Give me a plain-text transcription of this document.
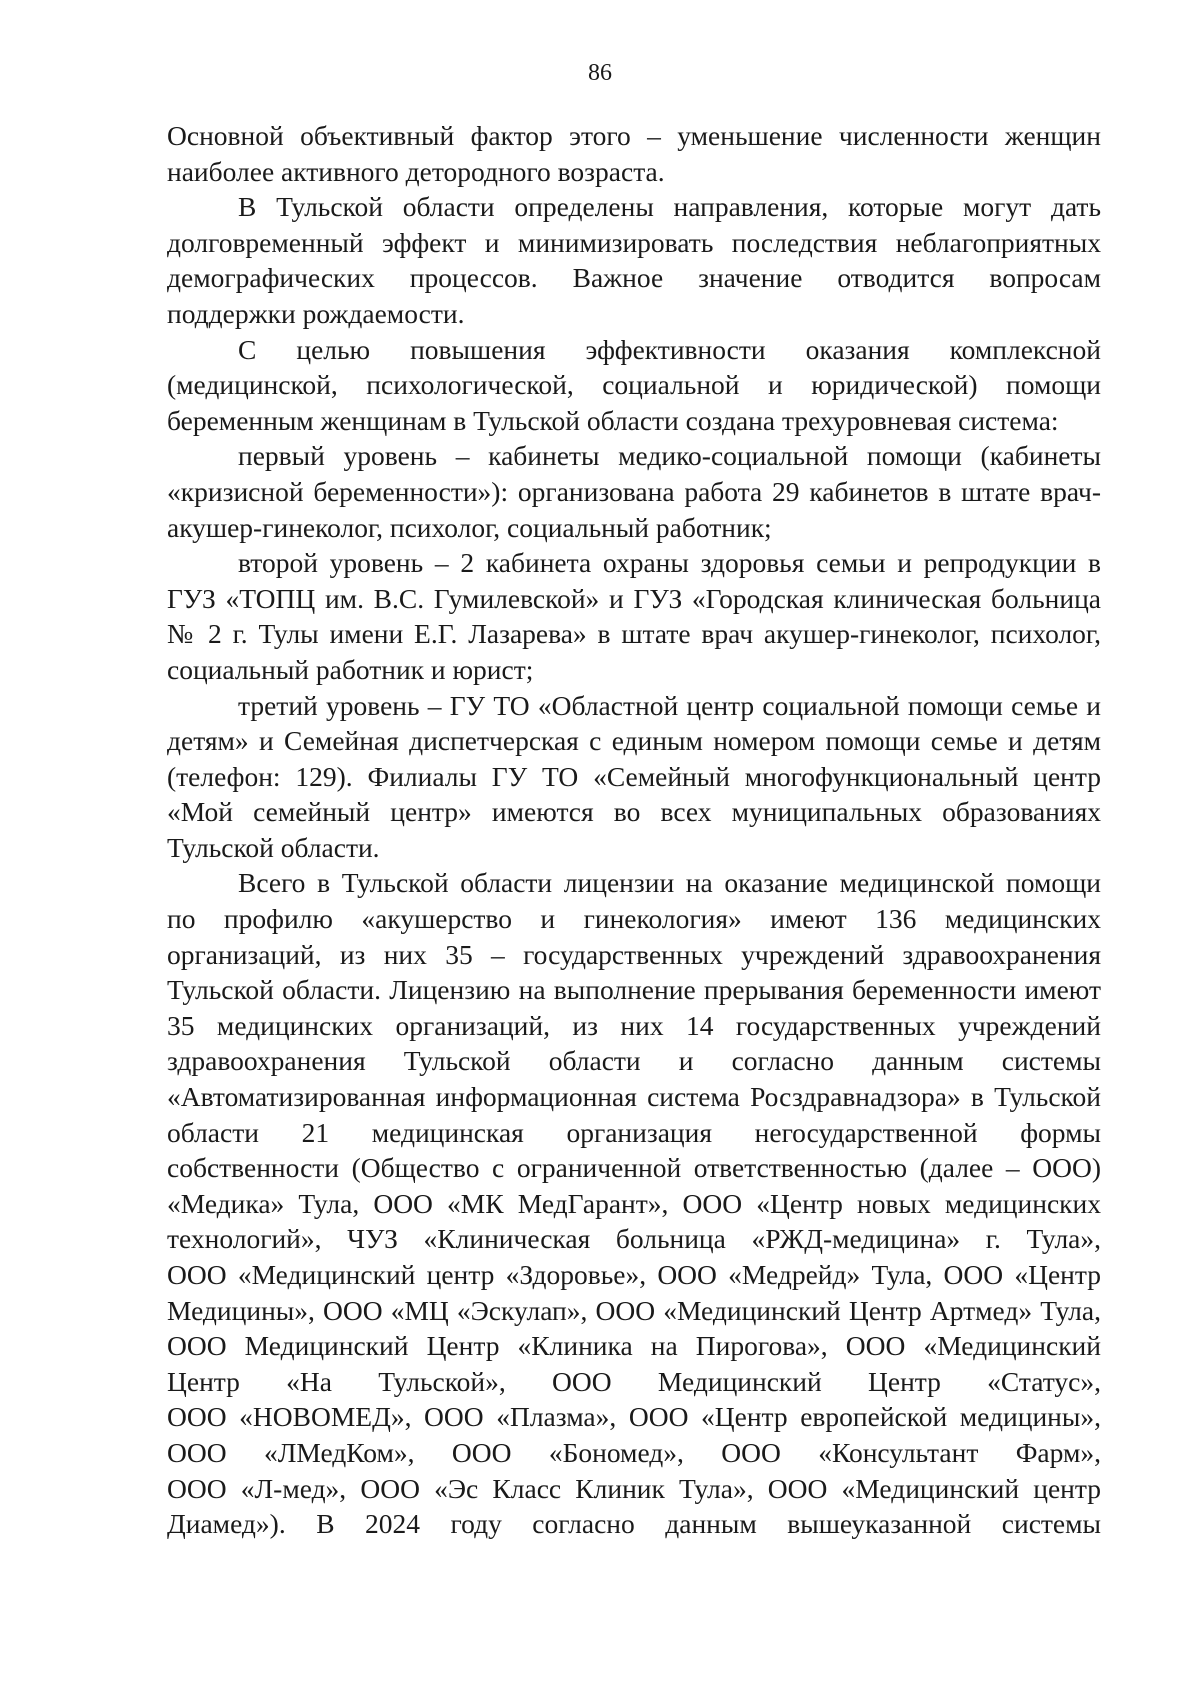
86
Основной объективный фактор этого – уменьшение численности женщин
наиболее активного детородного возраста.
В Тульской области определены направления, которые могут дать
долговременный эффект и минимизировать последствия неблагоприятных
демографических процессов. Важное значение отводится вопросам
поддержки рождаемости.
С целью повышения эффективности оказания комплексной
(медицинской, психологической, социальной и юридической) помощи
беременным женщинам в Тульской области создана трехуровневая система:
первый уровень – кабинеты медико-социальной помощи (кабинеты
«кризисной беременности»): организована работа 29 кабинетов в штате врач-
акушер-гинеколог, психолог, социальный работник;
второй уровень – 2 кабинета охраны здоровья семьи и репродукции в
ГУЗ «ТОПЦ им. В.С. Гумилевской» и ГУЗ «Городская клиническая больница
№ 2 г. Тулы имени Е.Г. Лазарева» в штате врач акушер-гинеколог, психолог,
социальный работник и юрист;
третий уровень – ГУ ТО «Областной центр социальной помощи семье и
детям» и Семейная диспетчерская с единым номером помощи семье и детям
(телефон: 129). Филиалы ГУ ТО «Семейный многофункциональный центр
«Мой семейный центр» имеются во всех муниципальных образованиях
Тульской области.
Всего в Тульской области лицензии на оказание медицинской помощи
по профилю «акушерство и гинекология» имеют 136 медицинских
организаций, из них 35 – государственных учреждений здравоохранения
Тульской области. Лицензию на выполнение прерывания беременности имеют
35 медицинских организаций, из них 14 государственных учреждений
здравоохранения Тульской области и согласно данным системы
«Автоматизированная информационная система Росздравнадзора» в Тульской
области 21 медицинская организация негосударственной формы
собственности (Общество с ограниченной ответственностью (далее – ООО)
«Медика» Тула, ООО «МК МедГарант», ООО «Центр новых медицинских
технологий», ЧУЗ «Клиническая больница «РЖД-медицина» г. Тула»,
ООО «Медицинский центр «Здоровье», ООО «Медрейд» Тула, ООО «Центр
Медицины», ООО «МЦ «Эскулап», ООО «Медицинский Центр Артмед» Тула,
ООО Медицинский Центр «Клиника на Пирогова», ООО «Медицинский
Центр «На Тульской», ООО Медицинский Центр «Статус»,
ООО «НОВОМЕД», ООО «Плазма», ООО «Центр европейской медицины»,
ООО «ЛМедКом», ООО «Бономед», ООО «Консультант Фарм»,
ООО «Л-мед», ООО «Эс Класс Клиник Тула», ООО «Медицинский центр
Диамед»). В 2024 году согласно данным вышеуказанной системы
